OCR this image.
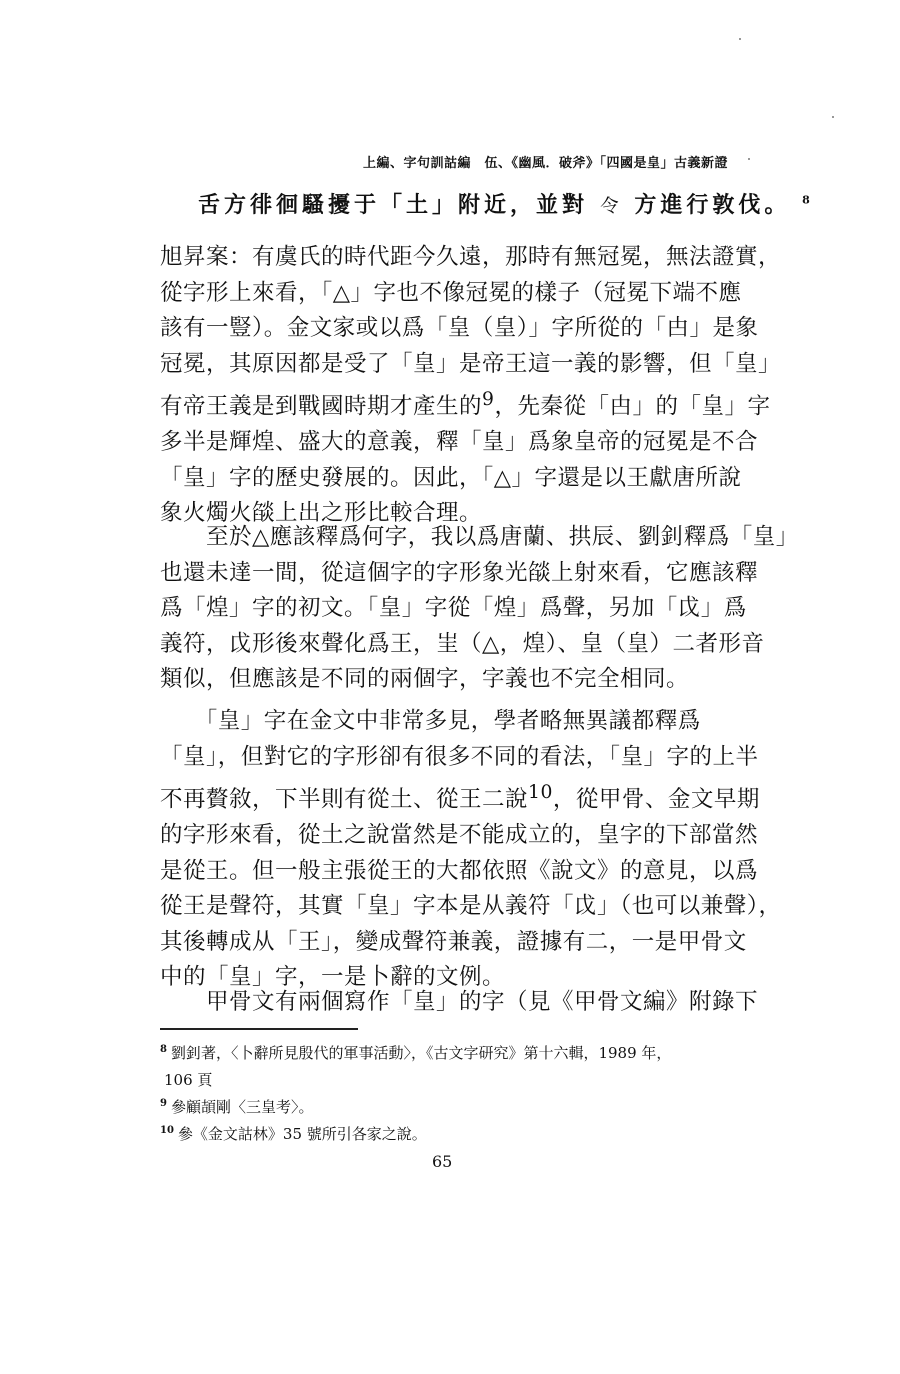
上編、字句訓詁編　伍、《幽風．破斧》「四國是皇」古義新證
舌方徘徊騷擾于「土」附近，並對 令 方進行敦伐。 $^8$
旭昇案：有虞氏的時代距今久遠，那時有無冠冕，無法證實，
從字形上來看，「△」字也不像冠冕的樣子（冠冕下端不應
該有一豎）。金文家或以爲「皇（皇）」字所從的「甴」是象
冠冕，其原因都是受了「皇」是帝王這一義的影響，但「皇」
有帝王義是到戰國時期才產生的$^9$，先秦從「甴」的「皇」字
多半是輝煌、盛大的意義，釋「皇」爲象皇帝的冠冕是不合
「皇」字的歷史發展的。因此，「△」字還是以王獻唐所說
象火燭火燄上出之形比較合理。
　　至於△應該釋爲何字，我以爲唐蘭、拱辰、劉釗釋爲「皇」
也還未達一間，從這個字的字形象光燄上射來看，它應該釋
爲「煌」字的初文。「皇」字從「煌」爲聲，另加「戉」爲
義符，戉形後來聲化爲王，㞷（△，煌）、皇（皇）二者形音
類似，但應該是不同的兩個字，字義也不完全相同。
　　「皇」字在金文中非常多見，學者略無異議都釋爲
「皇」，但對它的字形卻有很多不同的看法，「皇」字的上半
不再贅敘，下半則有從土、從王二說$^{10}$，從甲骨、金文早期
的字形來看，從土之說當然是不能成立的，皇字的下部當然
是從王。但一般主張從王的大都依照《說文》的意見，以爲
從王是聲符，其實「皇」字本是从義符「戉」（也可以兼聲），
其後轉成从「王」，變成聲符兼義，證據有二，一是甲骨文
中的「皇」字，一是卜辭的文例。
　　甲骨文有兩個寫作「皇」的字（見《甲骨文編》附錄下
$^8$ 劉釗著，〈卜辭所見殷代的軍事活動〉，《古文字研究》第十六輯，1989 年，
106 頁
$^9$ 參顧頡剛〈三皇考〉。
$^{10}$ 參《金文詁林》35 號所引各家之說。
65
